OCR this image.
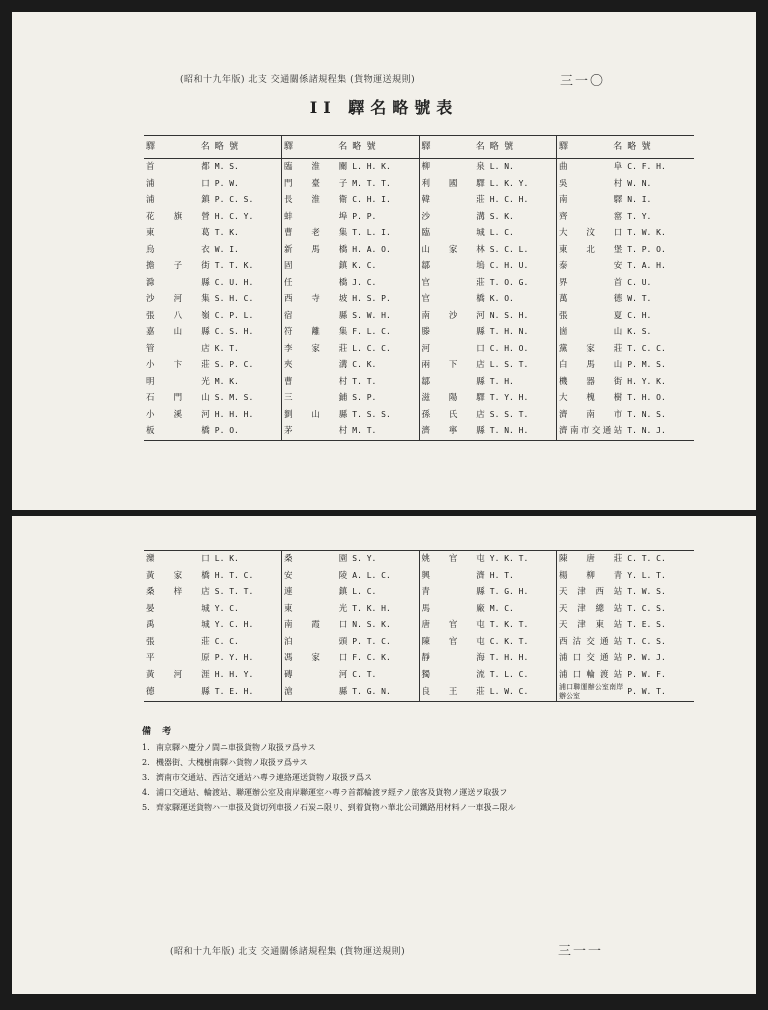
(昭和十九年版) 北支 交通關係諸規程集 (貨物運送規則)	三一〇
II 驛名略號表
驛 名	略 號	驛 名	略 號	驛 名	略 號	驛 名	略 號
首都	M. S.	臨淮關	L. H. K.	柳泉	L. N.	曲阜	C. F. H.
浦口	P. W.	門臺子	M. T. T.	利國驛	L. K. Y.	吳村	W. N.
浦鎮	P. C. S.	長淮衛	C. H. I.	韓莊	H. C. H.	南驛	N. I.
花旗營	H. C. Y.	蚌埠	P. P.	沙溝	S. K.	齊窰	T. Y.
東葛	T. K.	曹老集	T. L. I.	臨城	L. C.	大汶口	T. W. K.
烏衣	W. I.	新馬橋	H. A. O.	山家林	S. C. L.	東北堡	T. P. O.
擔子街	T. T. K.	固鎮	K. C.	鄒塢	C. H. U.	泰安	T. A. H.
滁縣	C. U. H.	任橋	J. C.	官莊	T. O. G.	界首	C. U.
沙河集	S. H. C.	西寺坡	H. S. P.	官橋	K. O.	萬德	W. T.
張八嶺	C. P. L.	宿縣	S. W. H.	南沙河	N. S. H.	張夏	C. H.
嘉山縣	C. S. H.	符離集	F. L. C.	滕縣	T. H. N.	崮山	K. S.
管店	K. T.	李家莊	L. C. C.	河口	C. H. O.	黨家莊	T. C. C.
小卞莊	S. P. C.	夾溝	C. K.	兩下店	L. S. T.	白馬山	P. M. S.
明光	M. K.	曹村	T. T.	鄒縣	T. H.	機器街	H. Y. K.
石門山	S. M. S.	三鋪	S. P.	滋陽驛	T. Y. H.	大槐樹	T. H. O.
小溪河	H. H. H.	劉山縣	T. S. S.	孫氏店	S. S. T.	濟南市	T. N. S.
板橋	P. O.	茅村	M. T.	濟寧縣	T. N. H.	濟南市交通站	T. N. J.
灤口	L. K.	桑園	S. Y.	姚官屯	Y. K. T.	陳唐莊	C. T. C.
黃家橋	H. T. C.	安陵	A. L. C.	興濟	H. T.	楊柳青	Y. L. T.
桑梓店	S. T. T.	連鎮	L. C.	青縣	T. G. H.	天津西站	T. W. S.
晏城	Y. C.	東光	T. K. H.	馬廠	M. C.	天津總站	T. C. S.
禹城	Y. C. H.	南霞口	N. S. K.	唐官屯	T. K. T.	天津東站	T. E. S.
張莊	C. C.	泊頭	P. T. C.	陳官屯	C. K. T.	西沽交通站	T. C. S.
平原	P. Y. H.	馮家口	F. C. K.	靜海	T. H. H.	浦口交通站	P. W. J.
黃河涯	H. H. Y.	磚河	C. T.	獨流	T. L. C.	浦口輪渡站	P. W. F.
德縣	T. E. H.	滄縣	T. G. N.	良王莊	L. W. C.	浦口聯運辦公室南岸辦公室	P. W. T.
備 考
1. 南京驛ハ慶分ノ間ニ車扱貨物ノ取扱ヲ爲サス
2. 機器街、大槐樹南驛ハ貨物ノ取扱ヲ爲サス
3. 濟南市交通站、西沽交通站ハ專ラ連絡運送貨物ノ取扱ヲ爲ス
4. 浦口交通站、輪渡站、聯運辦公室及南岸聯運室ハ專ラ首都輪渡ヲ經テノ旅客及貨物ノ運送ヲ取扱フ
5. 齊家驛運送貨物ハ一車扱及貨切列車扱ノ石炭ニ限リ、到着貨物ハ華北公司鐵路用材料ノ一車扱ニ限ル
(昭和十九年版) 北支 交通關係諸規程集 (貨物運送規則)	三一一
